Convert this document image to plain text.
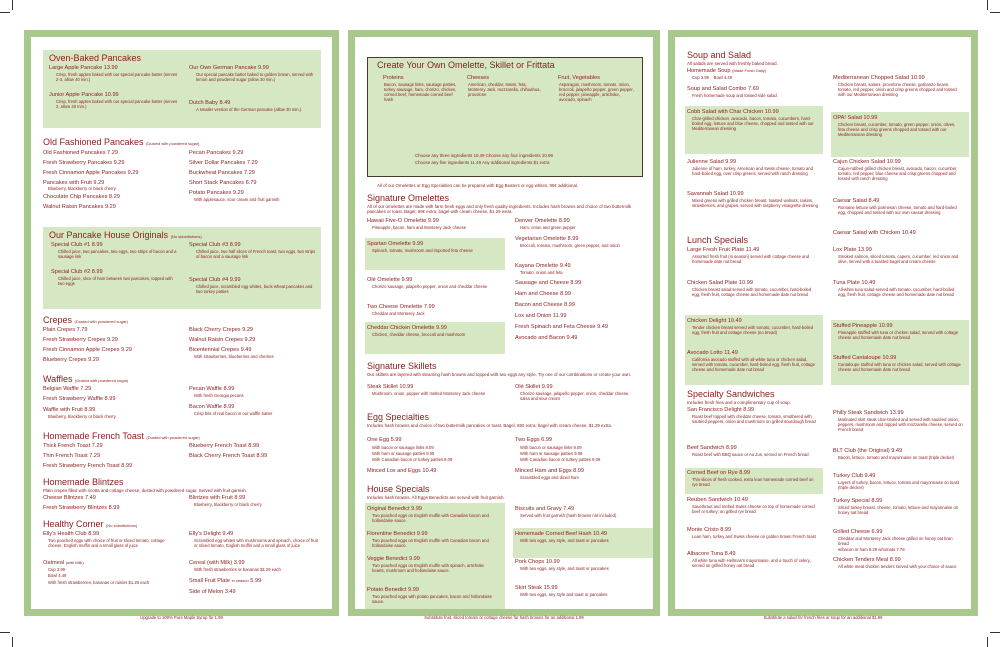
Oven-Baked Pancakes
Large Apple Pancake 13.99
Crisp, fresh apples baked with our special pancake batter (serves 2-3, allow 40 min.)
Junior Apple Pancake 10.99
Crisp, fresh apples baked with our special pancake batter (serves 2, allow 40 min.)
Our Own German Pancake 9.99
Our special pancake batter baked to golden brown, served with lemon and powdered sugar (allow 30 min.)
Dutch Baby 8.49
A smaller version of the German pancake (allow 30 min.)
Old Fashioned Pancakes (Dusted with powdered sugar)
Old Fashioned Pancakes 7.29
Fresh Strawberry Pancakes 9.29
Fresh Cinnamon Apple Pancakes 9.29
Pancakes with Fruit 9.29
Blueberry, blackberry or black cherry
Chocolate Chip Pancakes 8.29
Walnut Raisin Pancakes 9.29
Pecan Pancakes 9.29
Silver Dollar Pancakes 7.29
Buckwheat Pancakes 7.29
Short Stack Pancakes 6.79
Potato Pancakes 9.29
With applesauce, sour cream and fruit garnish
Our Pancake House Originals (No substitutions)
Special Club #1 8.99
Chilled juice, two pancakes, two eggs, two strips of bacon and a sausage link
Special Club #2 8.99
Chilled juice, slice of ham between two pancakes, topped with two eggs
Special Club #3 8.99
Chilled juice, two half slices of French toast, two eggs, two strips of bacon and a sausage link
Special Club #4 9.99
Chilled juice, scrambled egg whites, buck-wheat pancakes and two turkey patties
Crepes (Dusted with powdered sugar)
Plain Crepes 7.79
Fresh Strawberry Crepes 9.29
Fresh Cinnamon Apple Crepes 9.29
Blueberry Crepes 9.29
Black Cherry Crepes 9.29
Walnut Raisin Crepes 9.29
Bicentennial Crepes 9.49
With strawberries, blueberries and cherries
Waffles (Dusted with powdered sugar)
Belgian Waffle 7.29
Fresh Strawberry Waffle 8.99
Waffle with Fruit 8.99
Blueberry, blackberry or black cherry
Pecan Waffle 8.99
With fresh Georgia pecans
Bacon Waffle 8.99
Crisp bits of real bacon in our waffle batter
Homemade French Toast (Dusted with powdered sugar)
Thick French Toast 7.29
Thin French Toast 7.29
Fresh Strawberry French Toast 8.99
Blueberry French Toast 8.99
Black Cherry French Toast 8.99
Homemade Blintzes
Plain crepes filled with ricotta and cottage cheese, dusted with powdered sugar. Served with fruit garnish.
Cheese Blintzes 7.49
Fresh Strawberry Blintzes 8.99
Blintzes with Fruit 8.99
Blueberry, blackberry or black cherry
Healthy Corner (No substitutions)
Elly's Health Club 8.99
Two poached eggs with choice of fruit or sliced tomato, cottage cheese, English muffin and a small glass of juice
Oatmeal (with Milk)
Cup 3.99
Bowl 4.49
With fresh strawberries, bananas or raisins $1.29 each
Elly's Delight 9.49
Scrambled egg whites with mushrooms and spinach, choice of fruit or sliced tomato, English muffin and a small glass of juice
Cereal (with Milk) 3.99
With fresh strawberries or bananas $1.29 each
Small Fruit Plate in season 5.99
Side of Melon 3.49
Upgrade to 100% Pure Maple Syrup for 1.99
Create Your Own Omelette, Skillet or Frittata
Proteins
Bacon, sausage links, sausage patties, turkey sausage, ham, chorizo, chicken, corned beef, homemade corned beef hash
Cheeses
American, cheddar, Swiss, feta, Monterey Jack, mozzarella, chihuahua, provolone
Fruit, Vegetables
Asparagus, mushroom, tomato, onion, broccoli, jalapeño pepper, green pepper, red pepper, pineapple, artichoke, avocado, spinach
Choose any three ingredients 10.49 Choose any four ingredients 10.99
Choose any five ingredients 11.49 Any additional ingredients $1 extra
All of our Omelettes or Egg Specialties can be prepared with Egg Beaters or egg whites, 99¢ additional.
Signature Omelettes
All of our omelettes are made with farm fresh eggs and only fresh quality ingredients. Includes hash browns and choice of two buttermilk pancakes or toast. Bagel, 69¢ extra; bagel with cream cheese, $1.29 extra.
Hawaii Five-O Omelette 9.99
Pineapple, bacon, ham and Monterey Jack cheese
Spartan Omelette 9.99
Spinach, tomato, mushroom and imported feta cheese
Olé Omelette 9.99
Chorizo sausage, jalapeño pepper, onion and cheddar cheese
Two Cheese Omelette 7.99
Cheddar and Monterey Jack
Cheddar Chicken Omelette 9.99
Chicken, cheddar cheese, broccoli and mushroom
Denver Omelette 8.99
Ham, onion and green pepper
Vegetarian Omelette 8.99
Broccoli, tomato, mushroom, green pepper, and onion
Kayana Omelette 9.49
Tomato, onion and feta
Sausage and Cheese 8.99
Ham and Cheese 8.99
Bacon and Cheese 8.99
Lox and Onion 11.99
Fresh Spinach and Feta Cheese 9.49
Avocado and Bacon 9.49
Signature Skillets
Our skillets are layered with steaming hash browns and topped with two eggs any style. Try one of our combinations or create your own.
Steak Skillet 10.99
Mushroom, onion, pepper with melted Monterey Jack cheese
Olé Skillet 9.99
Chorizo sausage, jalapeño pepper, onion, cheddar cheese, salsa and sour cream
Egg Specialties
Includes hash browns and choice of two buttermilk pancakes or toast. Bagel, 69¢ extra; bagel with cream cheese, $1.29 extra.
One Egg 5.99
With bacon or sausage links 8.09
With ham or sausage patties 8.09
With Canadian bacon or turkey patties 8.09
Minced Lox and Eggs 10.49
Two Eggs 6.99
With bacon or sausage links 9.09
With ham or sausage patties 9.09
With Canadian bacon or turkey patties 9.09
Minced Ham and Eggs 8.99
Scrambled eggs and diced ham
House Specials
Includes hash browns. All Eggs Benedicts are served with fruit garnish.
Original Benedict 9.99
Two poached eggs on English muffin with Canadian bacon and hollandaise sauce.
Florentine Benedict 9.99
Two poached eggs on English muffin with Canadian bacon and hollandaise sauce.
Veggie Benedict 9.99
Two poached eggs on English muffin with spinach, artichoke hearts, mushroom and hollandaise sauce.
Potato Benedict 9.99
Two poached eggs with potato pancakes, bacon and hollandaise sauce.
Biscuits and Gravy 7.49
Served with fruit garnish (hash browns not included)
Homemade Corned Beef Hash 10.49
With two eggs, any style, and toast or pancakes
Pork Chops 10.99
With two eggs, any style, and toast or pancakes
Skirt Steak 15.99
With two eggs, any style and toast or pancakes
Substitute fruit, sliced tomato or cottage cheese for hash browns for an additional 1.99
Soup and Salad
All salads are served with freshly baked bread.
Homemade Soup (Made Fresh Daily)
Cup 3.99 Bowl 4.49
Soup and Salad Combo 7.69
Fresh homemade soup and tossed side salad
Cobb Salad with Char Chicken 10.99
Char-grilled chicken, avocado, bacon, tomato, cucumbers, hard-boiled egg, lettuce and blue cheese, chopped and tossed with our Mediterranean dressing
Julienne Salad 9.99
Julienne of ham, turkey, American and Swiss cheese, tomato and hard-boiled egg, over crisp greens, served with ranch dressing
Savannah Salad 10.99
Mixed greens with grilled chicken breast, toasted walnuts, raisins, strawberries, and grapes, served with raspberry vinaigrette dressing
Mediterranean Chopped Salad 10.99
Chicken breast, salami, provolone cheese, garbanzo beans, tomato, red pepper, onion and crisp greens chopped and tossed with our Mediterranean dressing
OPA! Salad 10.99
Chicken breast, cucumber, tomato, green pepper, onion, olives, feta cheese and crisp greens chopped and tossed with our Mediterranean dressing
Cajun Chicken Salad 10.99
Cajun-rubbed grilled chicken breast, avocado, bacon, cucumber, tomato, red pepper, blue cheese and crisp greens chopped and tossed with ranch dressing
Caesar Salad 8.49
Romaine lettuce with parmesan cheese, tomato and hard-boiled egg, chopped and tossed with our own caesar dressing
Caesar Salad with Chicken 10.49
Lunch Specials
Large Fresh Fruit Plate 11.49
Assorted fresh fruit (in season) served with cottage cheese and homemade date nut bread
Chicken Salad Plate 10.99
Chicken breast salad served with tomato, cucumber, hard-boiled egg, fresh fruit, cottage cheese and homemade date nut bread
Chicken Delight 10.49
Tender chicken breast served with tomato, cucumber, hard-boiled egg, fresh fruit and cottage cheese (no bread)
Avocado Lotto 11.49
California avocado stuffed with all-white tuna or chicken salad, served with tomato, cucumber, hard-boiled egg, fresh fruit, cottage cheese and homemade date nut bread
Lox Plate 13.99
Smoked salmon, sliced tomato, capers, cucumber, red onion and olive, served with a toasted bagel and cream cheese
Tuna Plate 10.49
All-white tuna salad served with tomato, cucumber, hard-boiled egg, fresh fruit, cottage cheese and homemade date nut bread
Stuffed Pineapple 10.99
Pineapple stuffed with tuna or chicken salad, served with cottage cheese and homemade date nut bread
Stuffed Cantaloupe 10.99
Cantaloupe stuffed with tuna or chicken salad, served with cottage cheese and homemade date nut bread
Specialty Sandwiches
Includes fresh fries and a complimentary cup of soup.
San Francisco Delight 8.99
Roast beef topped with cheddar cheese, tomato, smothered with sautéed peppers, onion and mushroom on grilled sourdough bread
Beef Sandwich 8.99
Roast beef with BBQ sauce or Au Jus, served on French bread
Corned Beef on Rye 8.99
Thin slices of fresh cooked, extra lean homemade corned beef on rye bread
Reuben Sandwich 10.49
Sauerkraut and melted Swiss cheese on top of homemade corned beef or turkey; on grilled rye bread
Monte Cristo 8.99
Lean ham, turkey and Swiss cheese on golden brown French toast
Albacore Tuna 8.49
All white tuna with Hellman's mayonnaise, and a touch of celery, served on grilled honey oat bread
Philly Steak Sandwich 13.99
Marinated skirt steak char-broiled and served with sautéed onion, peppers, mushroom and topped with mozzarella cheese, served on French bread
BLT Club (the Original) 9.49
Bacon, lettuce, tomato and mayonnaise on toast (triple decker)
Turkey Club 9.49
Layers of turkey, bacon, lettuce, tomato and mayonnaise on toast (triple decker)
Turkey Special 8.99
Sliced turkey breast, cheese, tomato, lettuce and mayonnaise on honey oat bread
Grilled Cheese 6.99
Cheddar and Monterey Jack cheese grilled on honey oat bran bread
w/bacon or ham 8.29 w/tomato 7.79
Chicken Tenders Meal 8.99
All white meat chicken tenders served with your choice of sauce
Substitute a salad for french fries or soup for an additional $1.99
